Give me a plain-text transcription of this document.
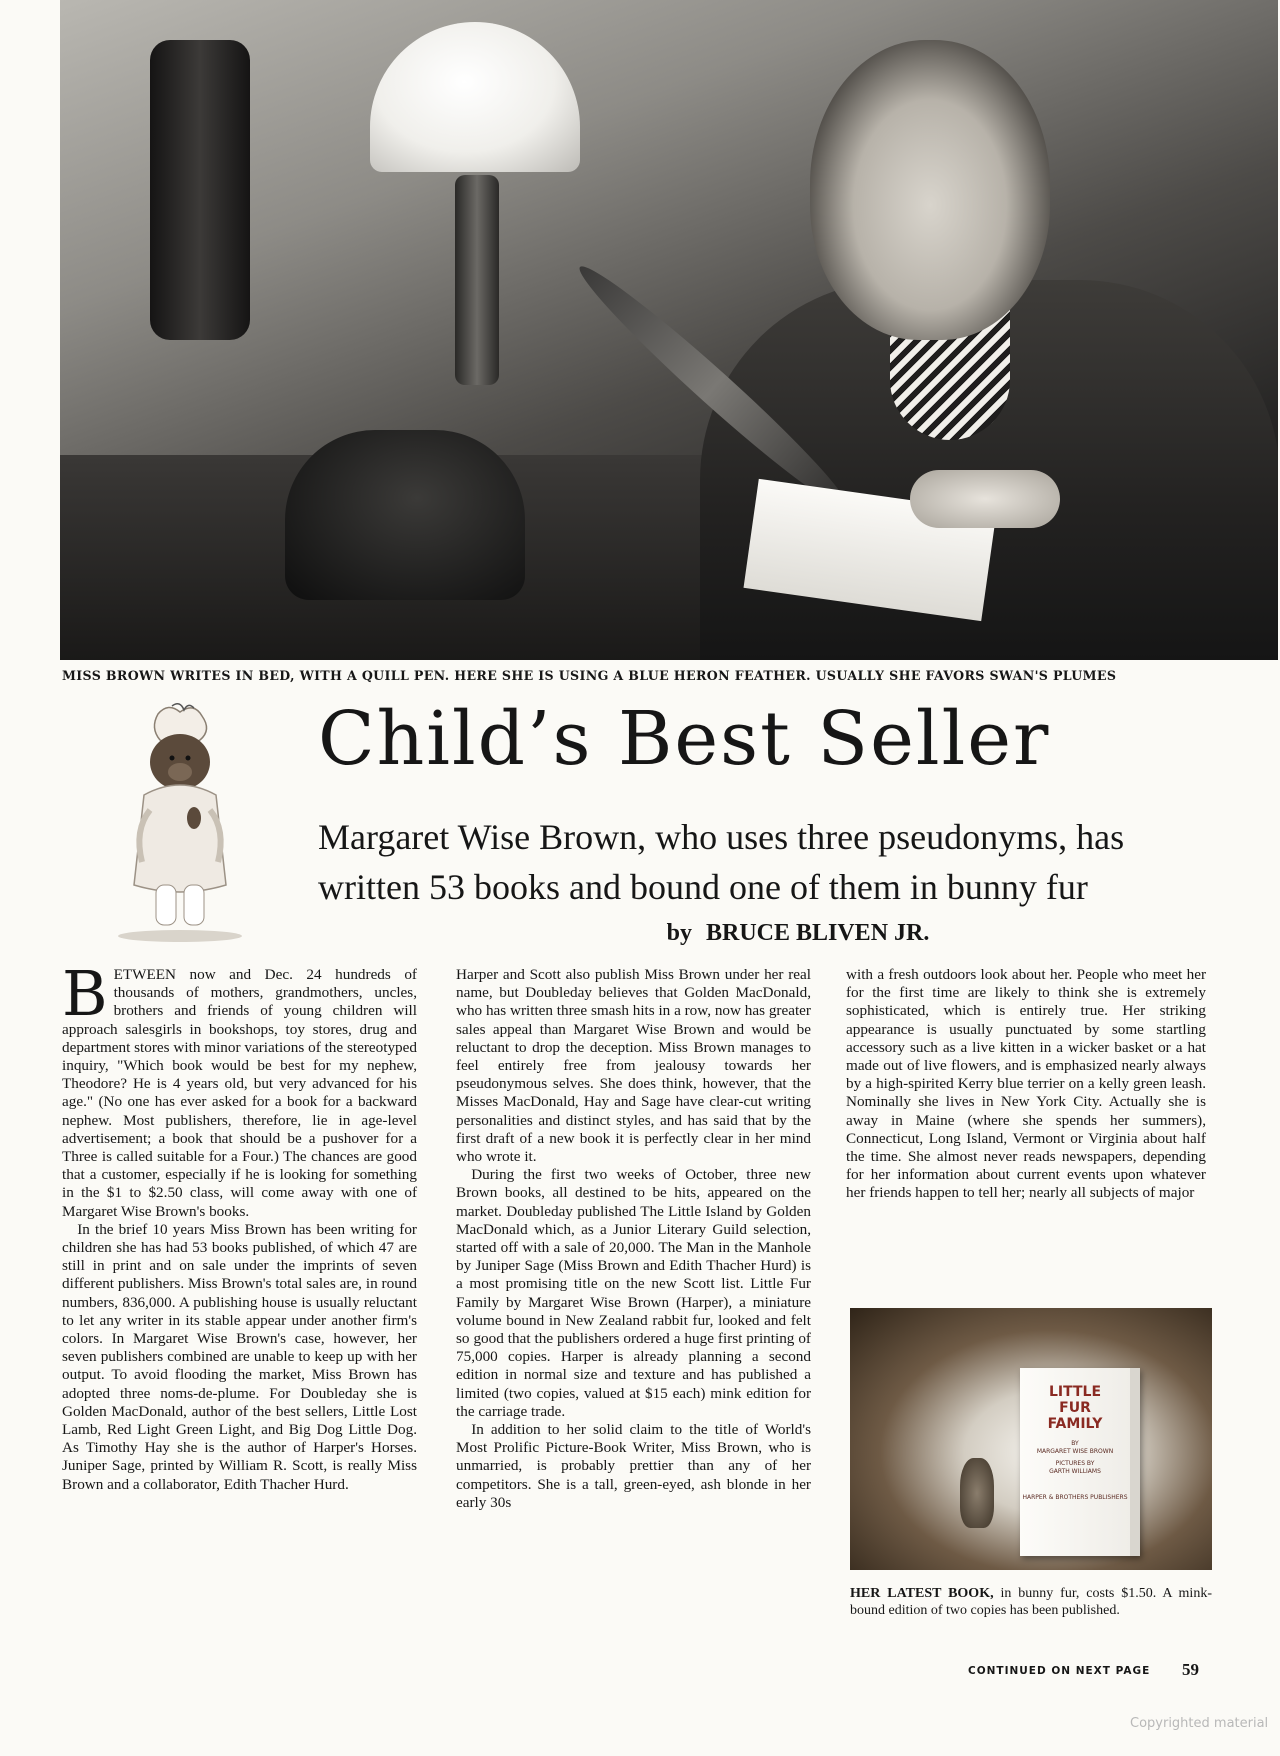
MISS BROWN WRITES IN BED, WITH A QUILL PEN. HERE SHE IS USING A BLUE HERON FEATHER. USUALLY SHE FAVORS SWAN'S PLUMES
Child’s Best Seller
Margaret Wise Brown, who uses three pseudonyms, has
written 53 books and bound one of them in bunny fur
by BRUCE BLIVEN JR.

BETWEEN now and Dec. 24 hundreds of thousands of mothers, grandmothers, uncles, brothers and friends of young children will approach salesgirls in bookshops, toy stores, drug and department stores with minor variations of the stereotyped inquiry, "Which book would be best for my nephew, Theodore? He is 4 years old, but very advanced for his age." (No one has ever asked for a book for a backward nephew. Most publishers, therefore, lie in age-level advertisement; a book that should be a pushover for a Three is called suitable for a Four.) The chances are good that a customer, especially if he is looking for something in the $1 to $2.50 class, will come away with one of Margaret Wise Brown's books.

In the brief 10 years Miss Brown has been writing for children she has had 53 books published, of which 47 are still in print and on sale under the imprints of seven different publishers. Miss Brown's total sales are, in round numbers, 836,000. A publishing house is usually reluctant to let any writer in its stable appear under another firm's colors. In Margaret Wise Brown's case, however, her seven publishers combined are unable to keep up with her output. To avoid flooding the market, Miss Brown has adopted three noms-de-plume. For Doubleday she is Golden MacDonald, author of the best sellers, Little Lost Lamb, Red Light Green Light, and Big Dog Little Dog. As Timothy Hay she is the author of Harper's Horses. Juniper Sage, printed by William R. Scott, is really Miss Brown and a collaborator, Edith Thacher Hurd.

Harper and Scott also publish Miss Brown under her real name, but Doubleday believes that Golden MacDonald, who has written three smash hits in a row, now has greater sales appeal than Margaret Wise Brown and would be reluctant to drop the deception. Miss Brown manages to feel entirely free from jealousy towards her pseudonymous selves. She does think, however, that the Misses MacDonald, Hay and Sage have clear-cut writing personalities and distinct styles, and has said that by the first draft of a new book it is perfectly clear in her mind who wrote it.

During the first two weeks of October, three new Brown books, all destined to be hits, appeared on the market. Doubleday published The Little Island by Golden MacDonald which, as a Junior Literary Guild selection, started off with a sale of 20,000. The Man in the Manhole by Juniper Sage (Miss Brown and Edith Thacher Hurd) is a most promising title on the new Scott list. Little Fur Family by Margaret Wise Brown (Harper), a miniature volume bound in New Zealand rabbit fur, looked and felt so good that the publishers ordered a huge first printing of 75,000 copies. Harper is already planning a second edition in normal size and texture and has published a limited (two copies, valued at $15 each) mink edition for the carriage trade.

In addition to her solid claim to the title of World's Most Prolific Picture-Book Writer, Miss Brown, who is unmarried, is probably prettier than any of her competitors. She is a tall, green-eyed, ash blonde in her early 30s

with a fresh outdoors look about her. People who meet her for the first time are likely to think she is extremely sophisticated, which is entirely true. Her striking appearance is usually punctuated by some startling accessory such as a live kitten in a wicker basket or a hat made out of live flowers, and is emphasized nearly always by a high-spirited Kerry blue terrier on a kelly green leash. Nominally she lives in New York City. Actually she is away in Maine (where she spends her summers), Connecticut, Long Island, Vermont or Virginia about half the time. She almost never reads newspapers, depending for her information about current events upon whatever her friends happen to tell her; nearly all subjects of major

LITTLE
FUR
FAMILY
BY
MARGARET WISE BROWN
PICTURES BY
GARTH WILLIAMS
HARPER & BROTHERS PUBLISHERS
HER LATEST BOOK, in bunny fur, costs $1.50. A mink-bound edition of two copies has been published.
CONTINUED ON NEXT PAGE 59
Copyrighted material
